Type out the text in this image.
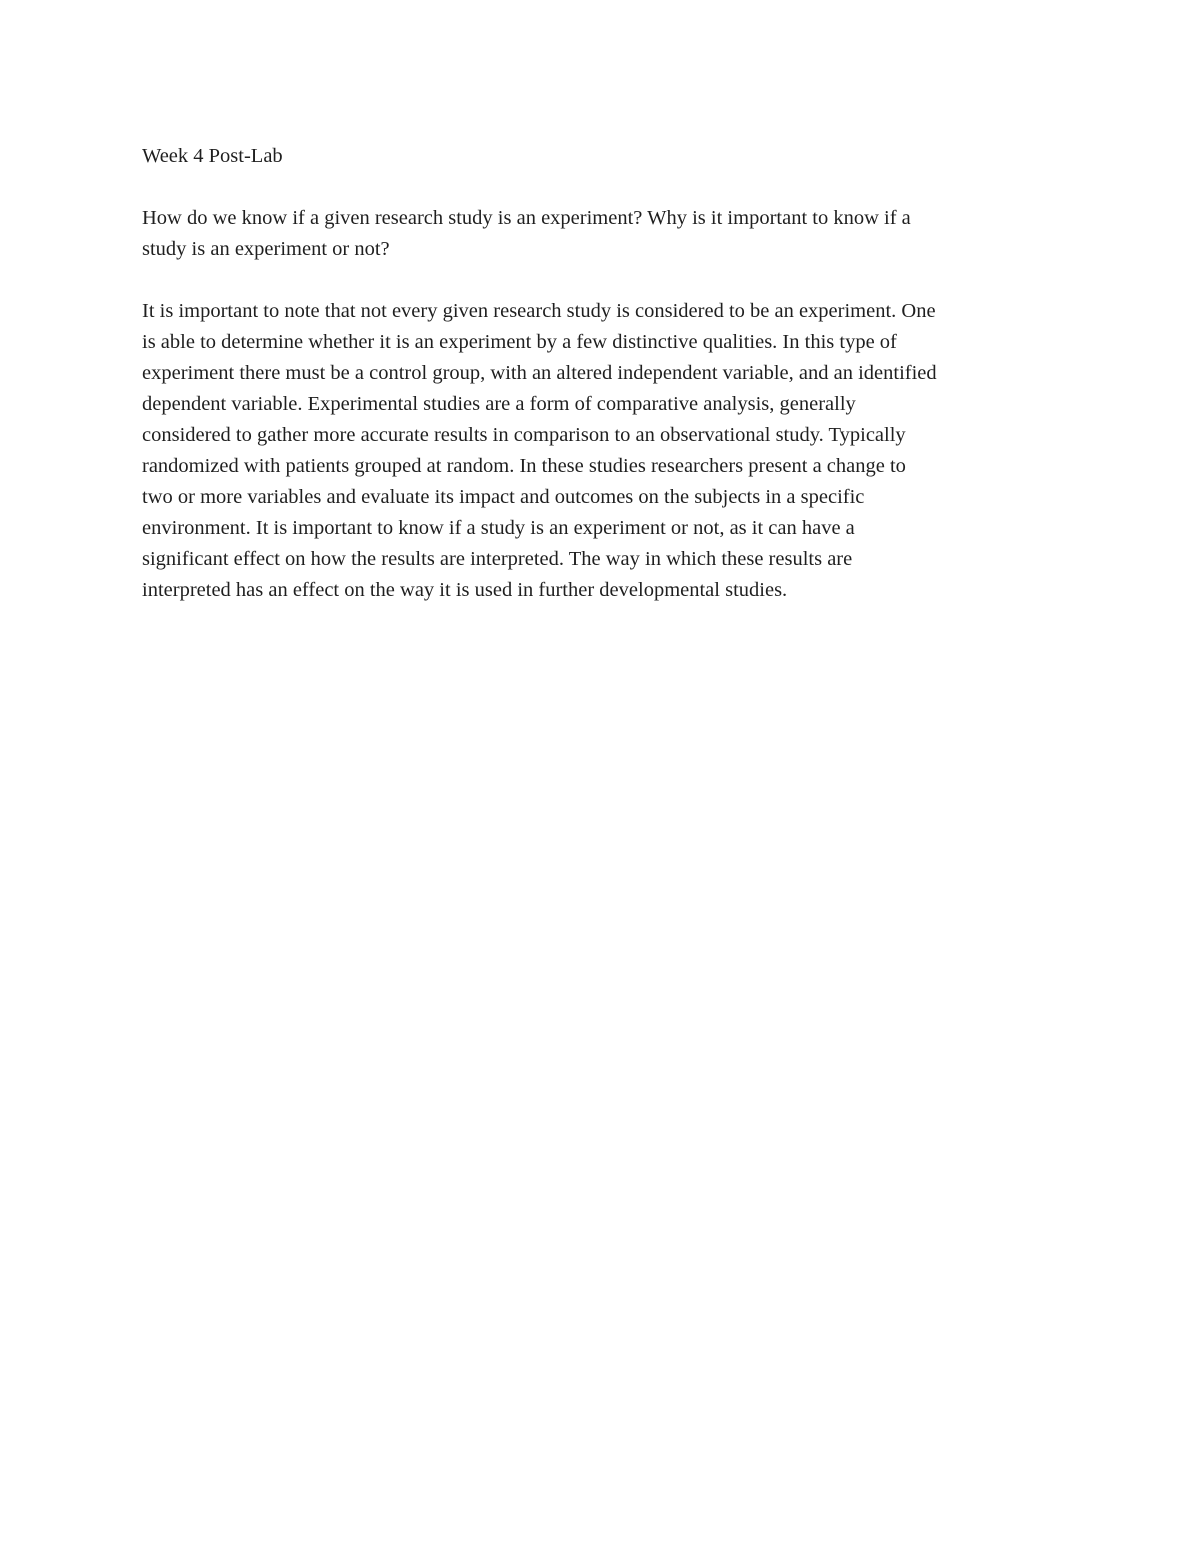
Week 4 Post-Lab

How do we know if a given research study is an experiment? Why is it important to know if a
study is an experiment or not?

It is important to note that not every given research study is considered to be an experiment. One
is able to determine whether it is an experiment by a few distinctive qualities. In this type of
experiment there must be a control group, with an altered independent variable, and an identified
dependent variable. Experimental studies are a form of comparative analysis, generally
considered to gather more accurate results in comparison to an observational study. Typically
randomized with patients grouped at random. In these studies researchers present a change to
two or more variables and evaluate its impact and outcomes on the subjects in a specific
environment. It is important to know if a study is an experiment or not, as it can have a
significant effect on how the results are interpreted. The way in which these results are
interpreted has an effect on the way it is used in further developmental studies.
